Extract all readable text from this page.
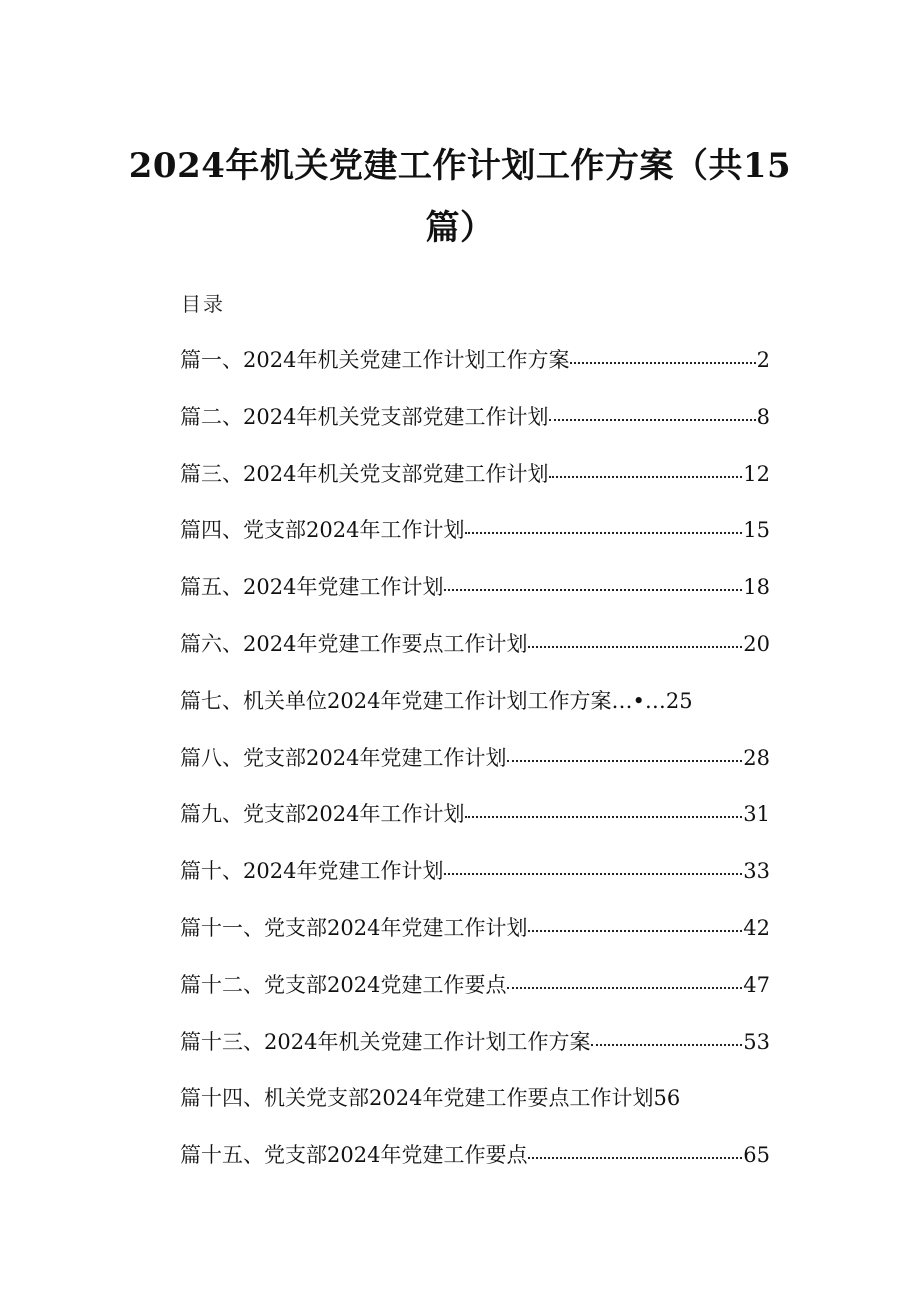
2024年机关党建工作计划工作方案（共15
篇）
目录
篇一、2024年机关党建工作计划工作方案	2
篇二、2024年机关党支部党建工作计划	8
篇三、2024年机关党支部党建工作计划	12
篇四、党支部2024年工作计划	15
篇五、2024年党建工作计划	18
篇六、2024年党建工作要点工作计划	20
篇七、机关单位2024年党建工作计划工作方案…•… 25
篇八、党支部2024年党建工作计划	28
篇九、党支部2024年工作计划	31
篇十、2024年党建工作计划	33
篇十一、党支部2024年党建工作计划	42
篇十二、党支部2024党建工作要点	47
篇十三、2024年机关党建工作计划工作方案	53
篇十四、机关党支部2024年党建工作要点工作计划 56
篇十五、党支部2024年党建工作要点	65
